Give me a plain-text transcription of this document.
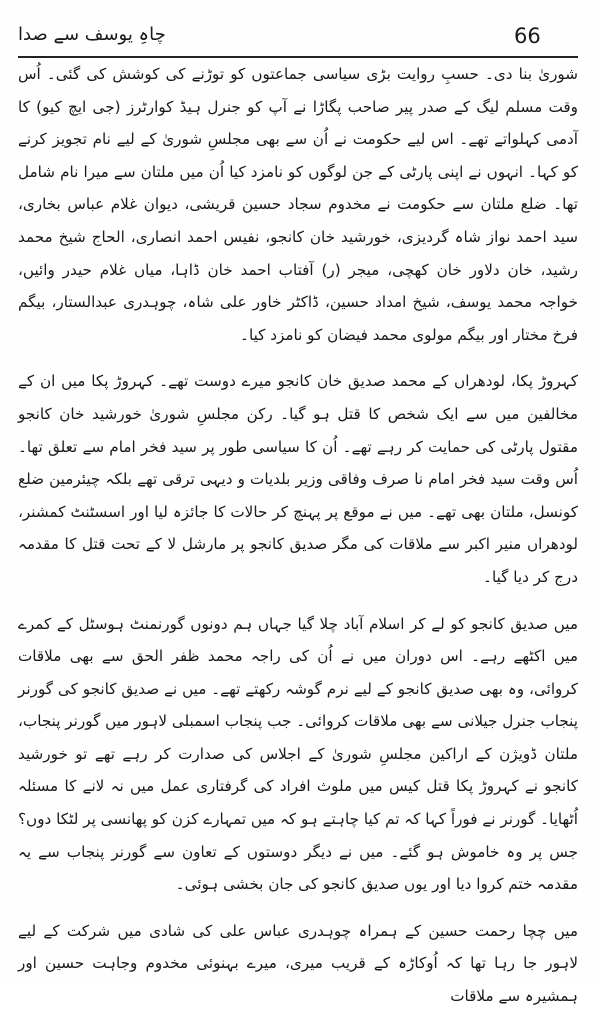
چاہِ یوسف سے صدا	66

شوریٰ بنا دی۔ حسبِ روایت بڑی سیاسی جماعتوں کو توڑنے کی کوشش کی گئی۔ اُس وقت مسلم لیگ کے صدر پیر صاحب پگاڑا نے آپ کو جنرل ہیڈ کوارٹرز (جی ایچ کیو) کا آدمی کہلواتے تھے۔ اس لیے حکومت نے اُن سے بھی مجلسِ شوریٰ کے لیے نام تجویز کرنے کو کہا۔ انہوں نے اپنی پارٹی کے جن لوگوں کو نامزد کیا اُن میں ملتان سے میرا نام شامل تھا۔ ضلع ملتان سے حکومت نے مخدوم سجاد حسین قریشی، دیوان غلام عباس بخاری، سید احمد نواز شاہ گردیزی، خورشید خان کانجو، نفیس احمد انصاری، الحاج شیخ محمد رشید، خان دلاور خان کھچی، میجر (ر) آفتاب احمد خان ڈاہا، میاں غلام حیدر وائیں، خواجہ محمد یوسف، شیخ امداد حسین، ڈاکٹر خاور علی شاہ، چوہدری عبدالستار، بیگم فرخ مختار اور بیگم مولوی محمد فیضان کو نامزد کیا۔

کہروڑ پکا، لودھراں کے محمد صدیق خان کانجو میرے دوست تھے۔ کہروڑ پکا میں ان کے مخالفین میں سے ایک شخص کا قتل ہو گیا۔ رکن مجلسِ شوریٰ خورشید خان کانجو مقتول پارٹی کی حمایت کر رہے تھے۔ اُن کا سیاسی طور پر سید فخر امام سے تعلق تھا۔ اُس وقت سید فخر امام نا صرف وفاقی وزیر بلدیات و دیہی ترقی تھے بلکہ چیئرمین ضلع کونسل، ملتان بھی تھے۔ میں نے موقع پر پہنچ کر حالات کا جائزہ لیا اور اسسٹنٹ کمشنر، لودھراں منیر اکبر سے ملاقات کی مگر صدیق کانجو پر مارشل لا کے تحت قتل کا مقدمہ درج کر دیا گیا۔

میں صدیق کانجو کو لے کر اسلام آباد چلا گیا جہاں ہم دونوں گورنمنٹ ہوسٹل کے کمرے میں اکٹھے رہے۔ اس دوران میں نے اُن کی راجہ محمد ظفر الحق سے بھی ملاقات کروائی، وہ بھی صدیق کانجو کے لیے نرم گوشہ رکھتے تھے۔ میں نے صدیق کانجو کی گورنر پنجاب جنرل جیلانی سے بھی ملاقات کروائی۔ جب پنجاب اسمبلی لاہور میں گورنر پنجاب، ملتان ڈویژن کے اراکین مجلسِ شوریٰ کے اجلاس کی صدارت کر رہے تھے تو خورشید کانجو نے کہروڑ پکا قتل کیس میں ملوث افراد کی گرفتاری عمل میں نہ لانے کا مسئلہ اُٹھایا۔ گورنر نے فوراً کہا کہ تم کیا چاہتے ہو کہ میں تمہارے کزن کو پھانسی پر لٹکا دوں؟ جس پر وہ خاموش ہو گئے۔ میں نے دیگر دوستوں کے تعاون سے گورنر پنجاب سے یہ مقدمہ ختم کروا دیا اور یوں صدیق کانجو کی جان بخشی ہوئی۔

میں چچا رحمت حسین کے ہمراہ چوہدری عباس علی کی شادی میں شرکت کے لیے لاہور جا رہا تھا کہ اُوکاڑہ کے قریب میری، میرے بہنوئی مخدوم وجاہت حسین اور ہمشیرہ سے ملاقات
